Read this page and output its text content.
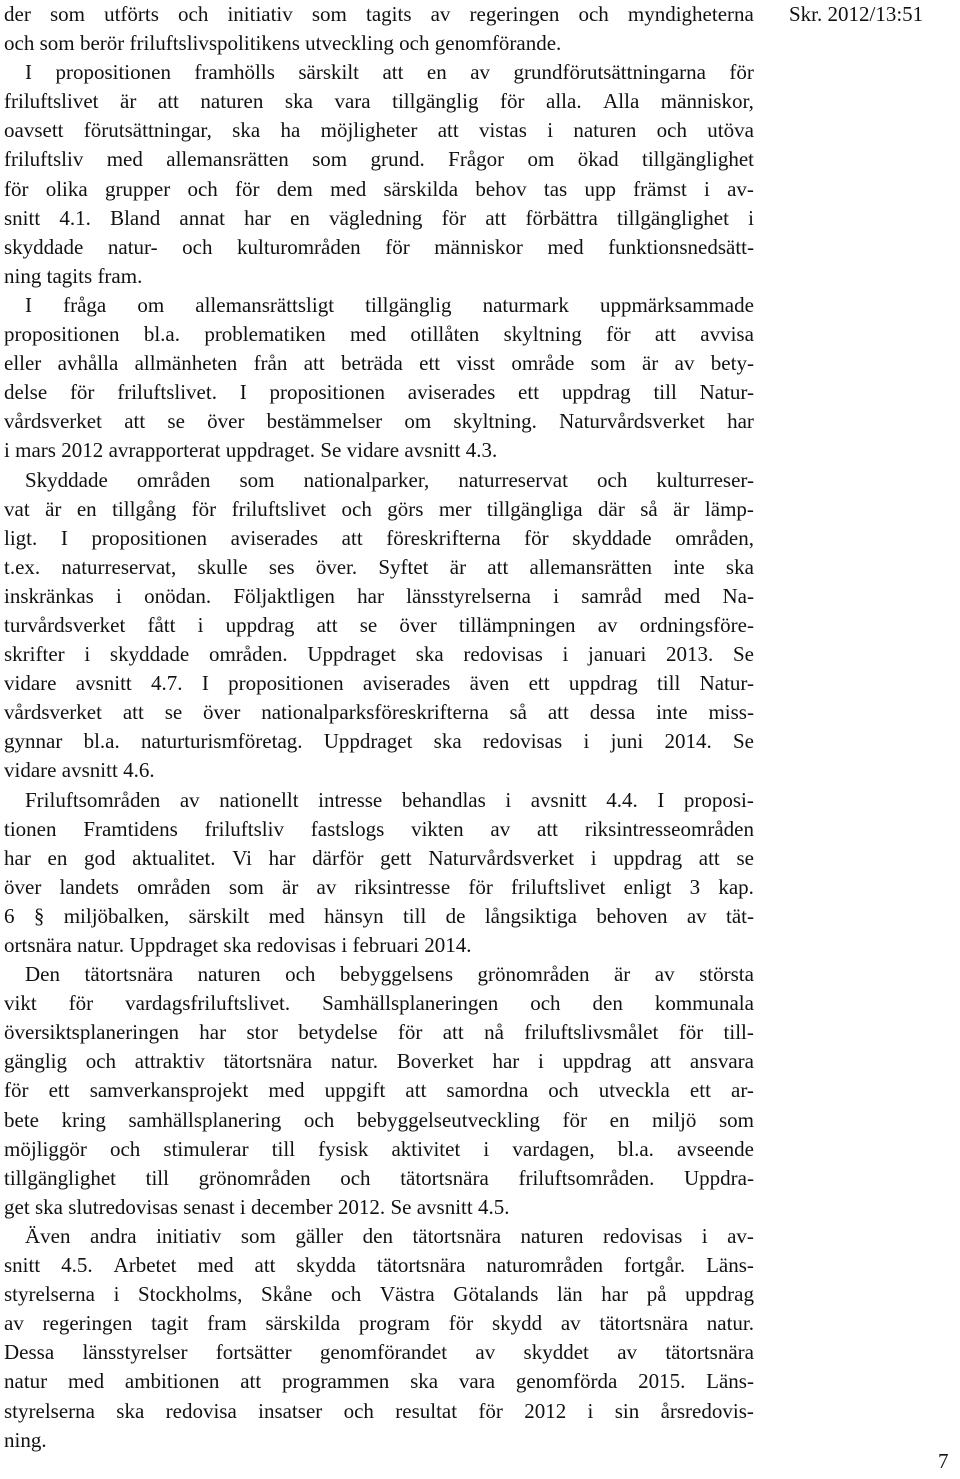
Skr. 2012/13:51
der som utförts och initiativ som tagits av regeringen och myndigheterna
och som berör friluftslivspolitikens utveckling och genomförande.
I propositionen framhölls särskilt att en av grundförutsättningarna för
friluftslivet är att naturen ska vara tillgänglig för alla. Alla människor,
oavsett förutsättningar, ska ha möjligheter att vistas i naturen och utöva
friluftsliv med allemansrätten som grund. Frågor om ökad tillgänglighet
för olika grupper och för dem med särskilda behov tas upp främst i av-
snitt 4.1. Bland annat har en vägledning för att förbättra tillgänglighet i
skyddade natur- och kulturområden för människor med funktionsnedsätt-
ning tagits fram.
I fråga om allemansrättsligt tillgänglig naturmark uppmärksammade
propositionen bl.a. problematiken med otillåten skyltning för att avvisa
eller avhålla allmänheten från att beträda ett visst område som är av bety-
delse för friluftslivet. I propositionen aviserades ett uppdrag till Natur-
vårdsverket att se över bestämmelser om skyltning. Naturvårdsverket har
i mars 2012 avrapporterat uppdraget. Se vidare avsnitt 4.3.
Skyddade områden som nationalparker, naturreservat och kulturreser-
vat är en tillgång för friluftslivet och görs mer tillgängliga där så är lämp-
ligt. I propositionen aviserades att föreskrifterna för skyddade områden,
t.ex. naturreservat, skulle ses över. Syftet är att allemansrätten inte ska
inskränkas i onödan. Följaktligen har länsstyrelserna i samråd med Na-
turvårdsverket fått i uppdrag att se över tillämpningen av ordningsföre-
skrifter i skyddade områden. Uppdraget ska redovisas i januari 2013. Se
vidare avsnitt 4.7. I propositionen aviserades även ett uppdrag till Natur-
vårdsverket att se över nationalparksföreskrifterna så att dessa inte miss-
gynnar bl.a. naturturismföretag. Uppdraget ska redovisas i juni 2014. Se
vidare avsnitt 4.6.
Friluftsområden av nationellt intresse behandlas i avsnitt 4.4. I proposi-
tionen Framtidens friluftsliv fastslogs vikten av att riksintresseområden
har en god aktualitet. Vi har därför gett Naturvårdsverket i uppdrag att se
över landets områden som är av riksintresse för friluftslivet enligt 3 kap.
6 § miljöbalken, särskilt med hänsyn till de långsiktiga behoven av tät-
ortsnära natur. Uppdraget ska redovisas i februari 2014.
Den tätortsnära naturen och bebyggelsens grönområden är av största
vikt för vardagsfriluftslivet. Samhällsplaneringen och den kommunala
översiktsplaneringen har stor betydelse för att nå friluftslivsmålet för till-
gänglig och attraktiv tätortsnära natur. Boverket har i uppdrag att ansvara
för ett samverkansprojekt med uppgift att samordna och utveckla ett ar-
bete kring samhällsplanering och bebyggelseutveckling för en miljö som
möjliggör och stimulerar till fysisk aktivitet i vardagen, bl.a. avseende
tillgänglighet till grönområden och tätortsnära friluftsområden. Uppdra-
get ska slutredovisas senast i december 2012. Se avsnitt 4.5.
Även andra initiativ som gäller den tätortsnära naturen redovisas i av-
snitt 4.5. Arbetet med att skydda tätortsnära naturområden fortgår. Läns-
styrelserna i Stockholms, Skåne och Västra Götalands län har på uppdrag
av regeringen tagit fram särskilda program för skydd av tätortsnära natur.
Dessa länsstyrelser fortsätter genomförandet av skyddet av tätortsnära
natur med ambitionen att programmen ska vara genomförda 2015. Läns-
styrelserna ska redovisa insatser och resultat för 2012 i sin årsredovis-
ning.
7
